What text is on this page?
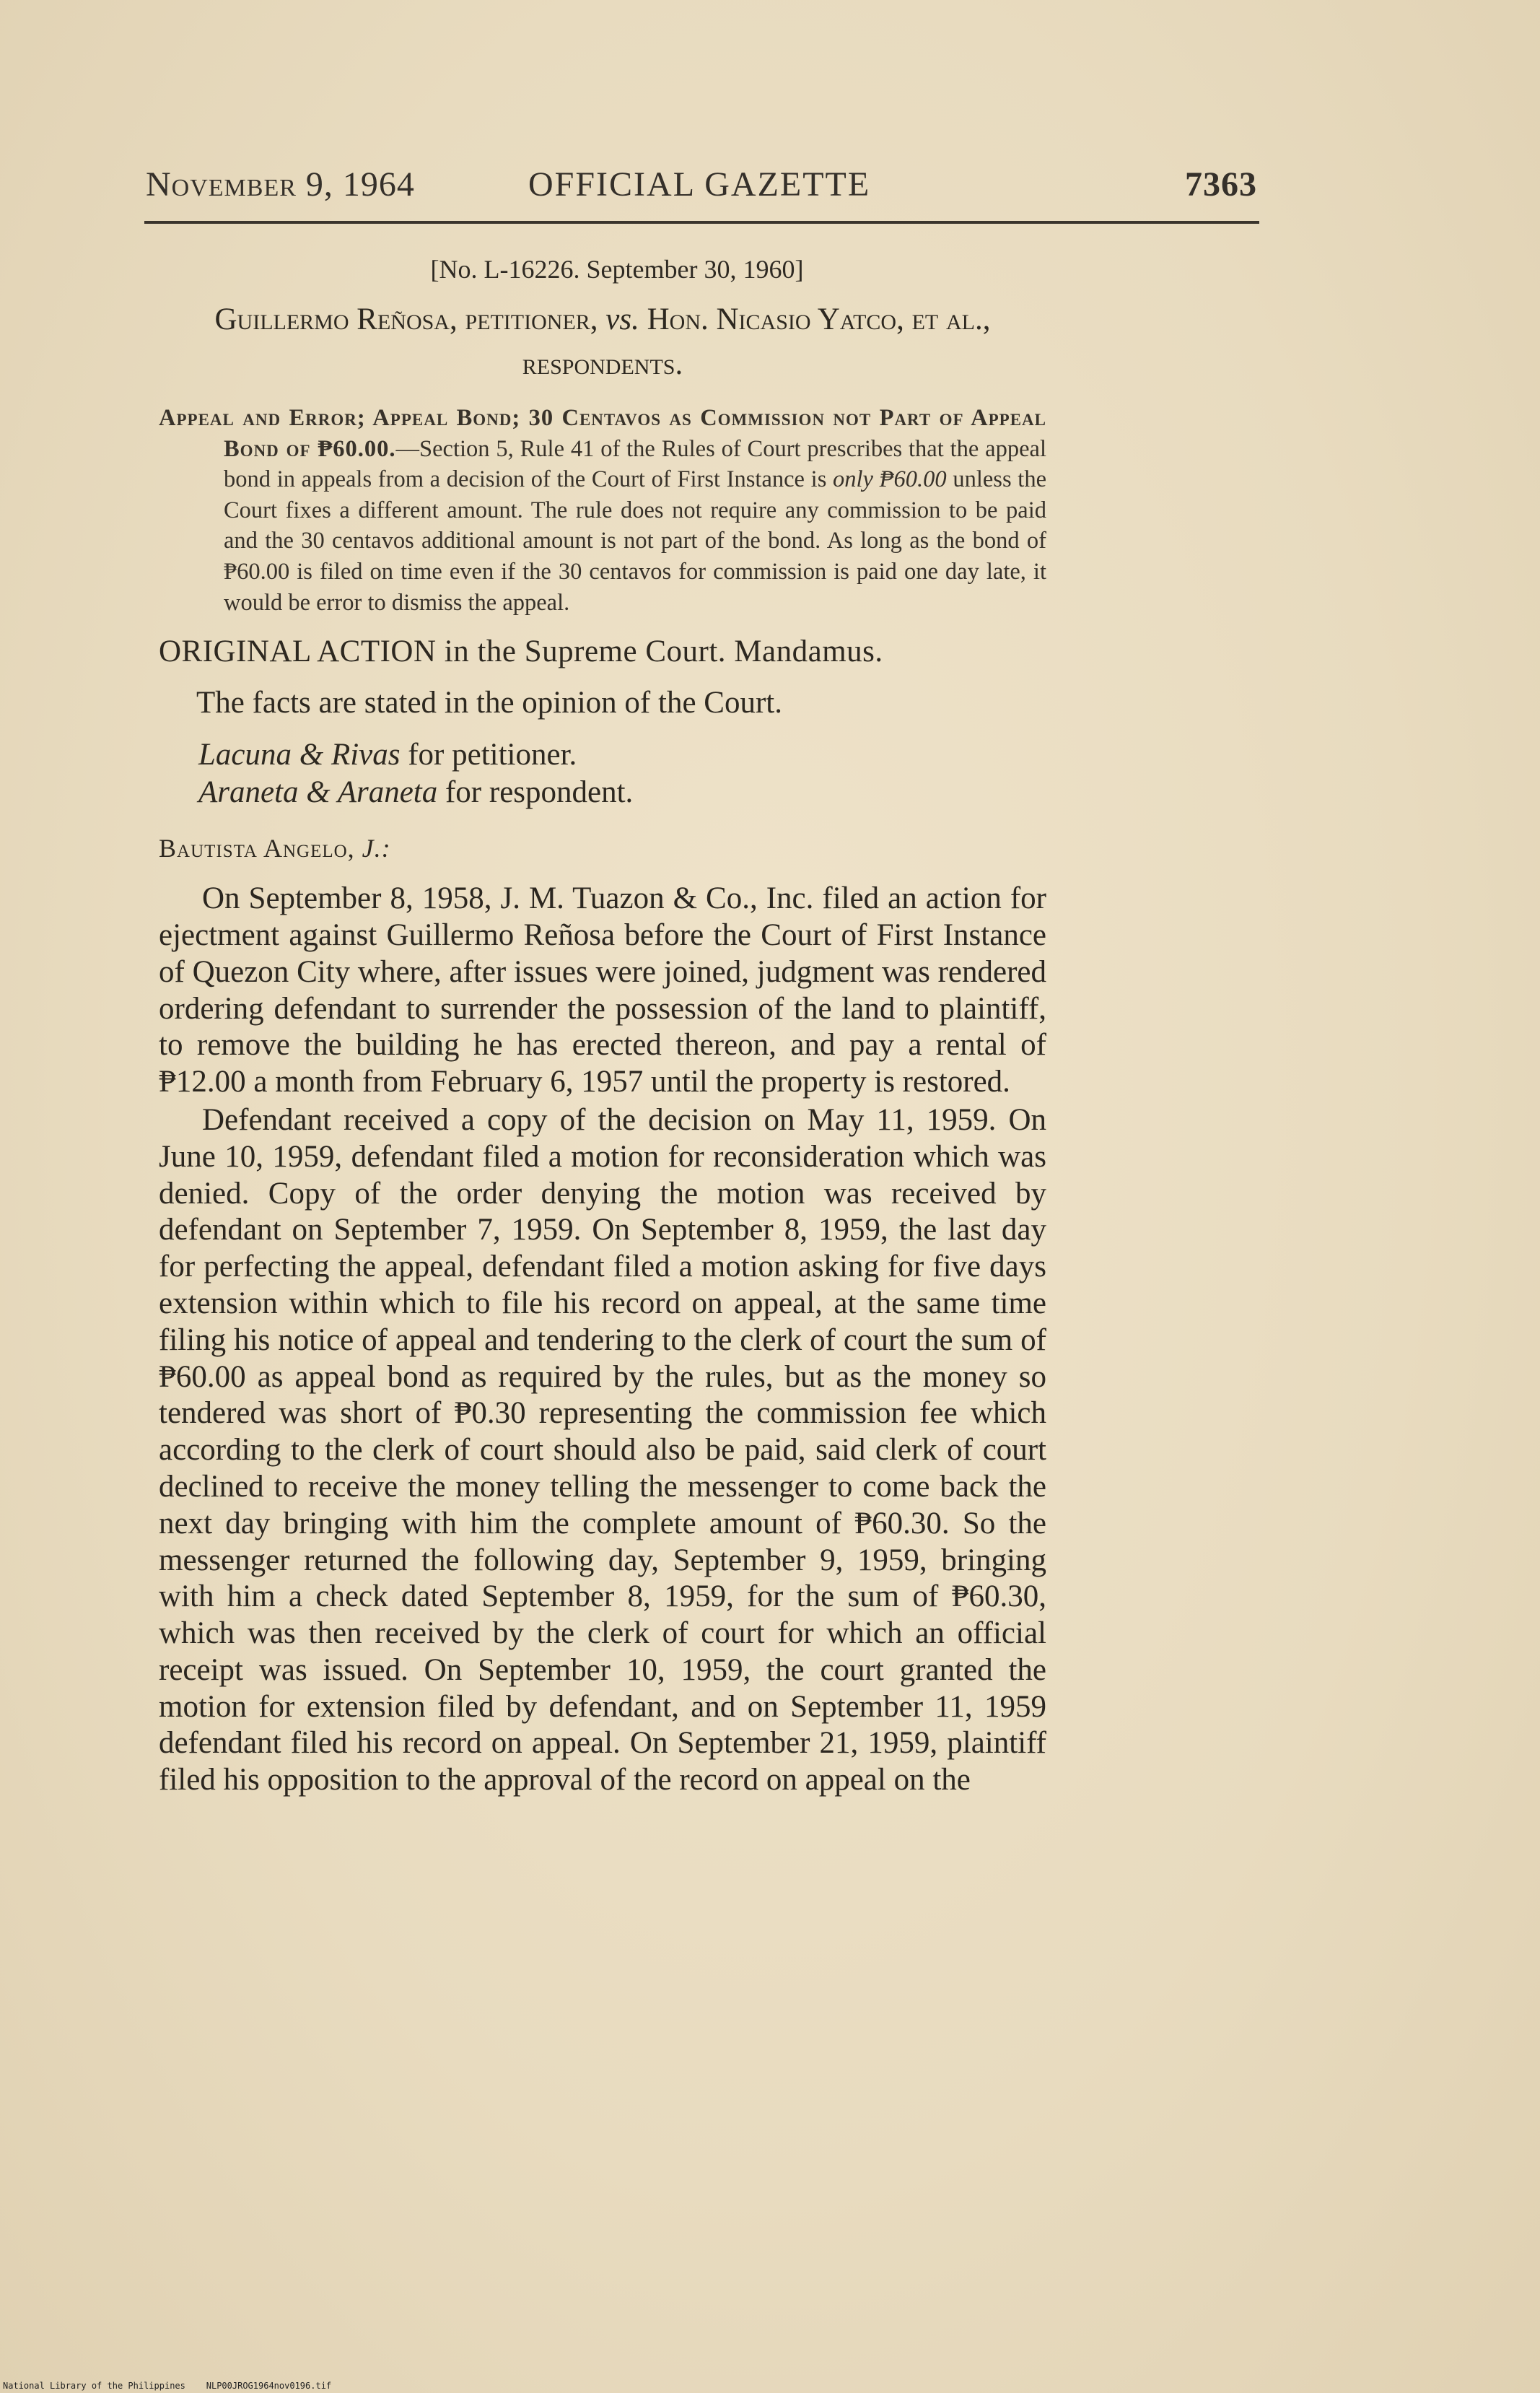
November 9, 1964	OFFICIAL GAZETTE	7363
[No. L-16226. September 30, 1960]
Guillermo Reñosa, petitioner, vs. Hon. Nicasio Yatco, et al., respondents.
Appeal and Error; Appeal Bond; 30 Centavos as Commission not Part of Appeal Bond of ₱60.00.—Section 5, Rule 41 of the Rules of Court prescribes that the appeal bond in appeals from a decision of the Court of First Instance is only ₱60.00 unless the Court fixes a different amount. The rule does not require any commission to be paid and the 30 centavos additional amount is not part of the bond. As long as the bond of ₱60.00 is filed on time even if the 30 centavos for commission is paid one day late, it would be error to dismiss the appeal.
ORIGINAL ACTION in the Supreme Court. Mandamus.
The facts are stated in the opinion of the Court.
Lacuna & Rivas for petitioner.
Araneta & Araneta for respondent.
Bautista Angelo, J.:

On September 8, 1958, J. M. Tuazon & Co., Inc. filed an action for ejectment against Guillermo Reñosa before the Court of First Instance of Quezon City where, after issues were joined, judgment was rendered ordering defendant to surrender the possession of the land to plaintiff, to remove the building he has erected thereon, and pay a rental of ₱12.00 a month from February 6, 1957 until the property is restored.

Defendant received a copy of the decision on May 11, 1959. On June 10, 1959, defendant filed a motion for reconsideration which was denied. Copy of the order denying the motion was received by defendant on September 7, 1959. On September 8, 1959, the last day for perfecting the appeal, defendant filed a motion asking for five days extension within which to file his record on appeal, at the same time filing his notice of appeal and tendering to the clerk of court the sum of ₱60.00 as appeal bond as required by the rules, but as the money so tendered was short of ₱0.30 representing the commission fee which according to the clerk of court should also be paid, said clerk of court declined to receive the money telling the messenger to come back the next day bringing with him the complete amount of ₱60.30. So the messenger returned the following day, September 9, 1959, bringing with him a check dated September 8, 1959, for the sum of ₱60.30, which was then received by the clerk of court for which an official receipt was issued. On September 10, 1959, the court granted the motion for extension filed by defendant, and on September 11, 1959 defendant filed his record on appeal. On September 21, 1959, plaintiff filed his opposition to the approval of the record on appeal on the

National Library of the Philippines    NLP00JROG1964nov0196.tif
